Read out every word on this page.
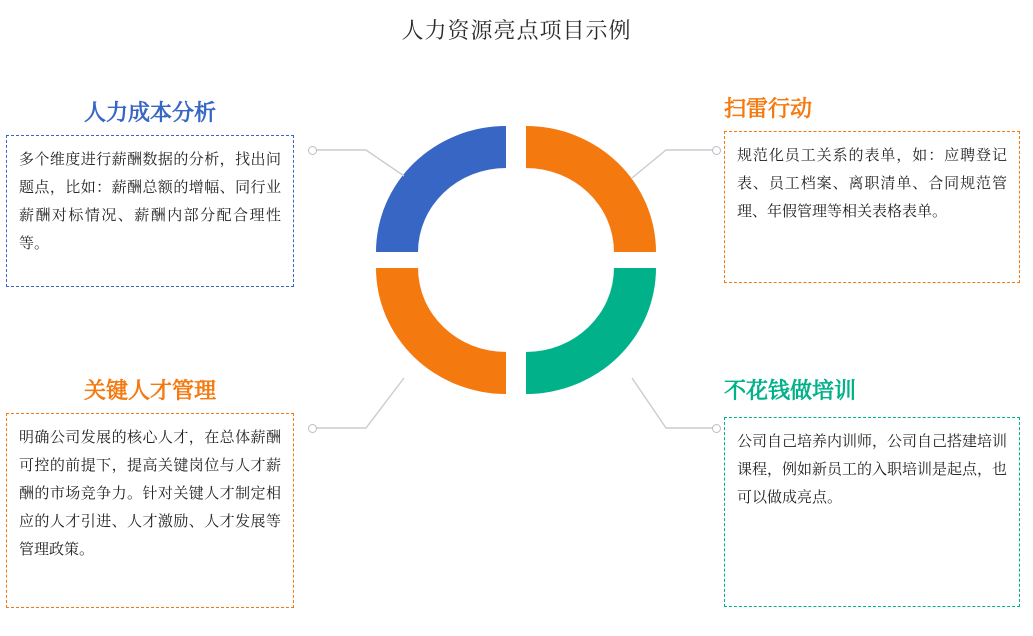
人力资源亮点项目示例
人力成本分析
多个维度进行薪酬数据的分析，找出问题点，比如：薪酬总额的增幅、同行业薪酬对标情况、薪酬内部分配合理性等。
关键人才管理
明确公司发展的核心人才，在总体薪酬可控的前提下，提高关键岗位与人才薪酬的市场竞争力。针对关键人才制定相应的人才引进、人才激励、人才发展等管理政策。
扫雷行动
规范化员工关系的表单，如：应聘登记表、员工档案、离职清单、合同规范管理、年假管理等相关表格表单。
不花钱做培训
公司自己培养内训师，公司自己搭建培训课程，例如新员工的入职培训是起点，也可以做成亮点。
